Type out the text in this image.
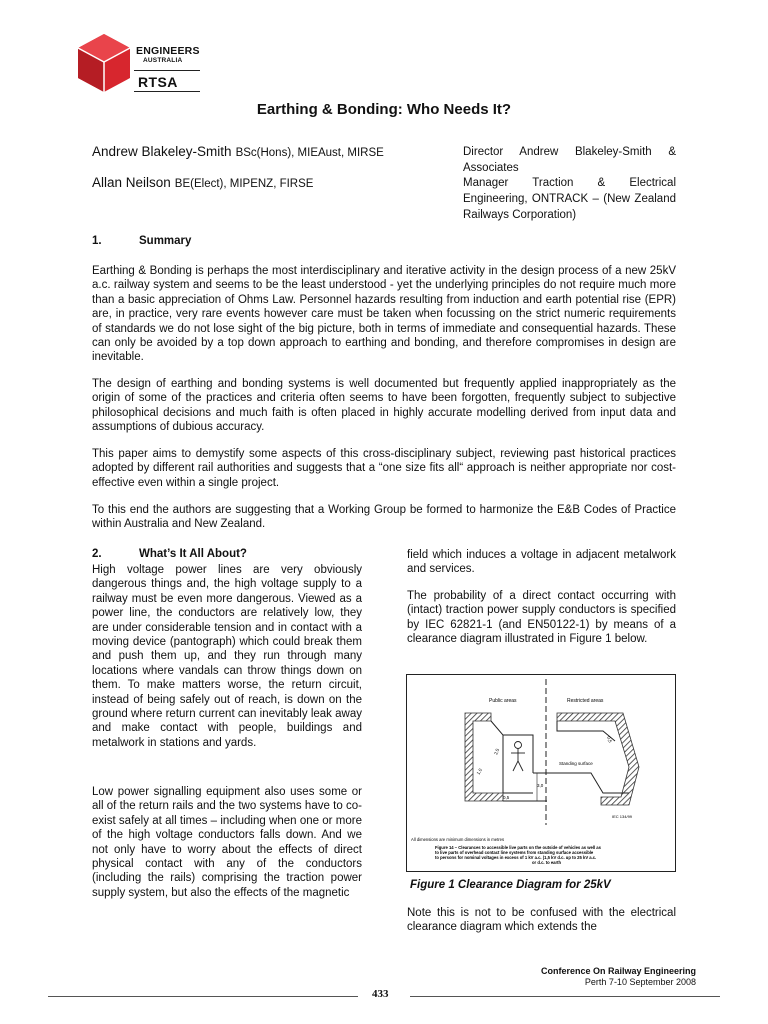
ENGINEERS
AUSTRALIA
RTSA
Earthing & Bonding: Who Needs It?
Andrew Blakeley-Smith BSc(Hons), MIEAust, MIRSE	Director Andrew Blakeley-Smith & Associates
Allan Neilson BE(Elect), MIPENZ, FIRSE	Manager Traction & Electrical Engineering, ONTRACK – (New Zealand Railways Corporation)
1.	Summary
Earthing & Bonding is perhaps the most interdisciplinary and iterative activity in the design process of a new 25kV a.c. railway system and seems to be the least understood - yet the underlying principles do not require much more than a basic appreciation of Ohms Law. Personnel hazards resulting from induction and earth potential rise (EPR) are, in practice, very rare events however care must be taken when focussing on the strict numeric requirements of standards we do not lose sight of the big picture, both in terms of immediate and consequential hazards. These can only be avoided by a top down approach to earthing and bonding, and therefore compromises in design are inevitable.
The design of earthing and bonding systems is well documented but frequently applied inappropriately as the origin of some of the practices and criteria often seems to have been forgotten, frequently subject to subjective philosophical decisions and much faith is often placed in highly accurate modelling derived from input data and assumptions of dubious accuracy.
This paper aims to demystify some aspects of this cross-disciplinary subject, reviewing past historical practices adopted by different rail authorities and suggests that a “one size fits all“ approach is neither appropriate nor cost-effective even within a single project.
To this end the authors are suggesting that a Working Group be formed to harmonize the E&B Codes of Practice within Australia and New Zealand.
2.	What’s It All About?
High voltage power lines are very obviously dangerous things and, the high voltage supply to a railway must be even more dangerous. Viewed as a power line, the conductors are relatively low, they are under considerable tension and in contact with a moving device (pantograph) which could break them and push them up, and they run through many locations where vandals can throw things down on them. To make matters worse, the return circuit, instead of being safely out of reach, is down on the ground where return current can inevitably leak away and make contact with people, buildings and metalwork in stations and yards.
Low power signalling equipment also uses some or all of the return rails and the two systems have to co-exist safely at all times – including when one or more of the high voltage conductors falls down. And we not only have to worry about the effects of direct physical contact with any of the conductors (including the rails) comprising the traction power supply system, but also the effects of the magnetic
field which induces a voltage in adjacent metalwork and services.
The probability of a direct contact occurring with (intact) traction power supply conductors is specified by IEC 62821-1 (and EN50122-1) by means of a clearance diagram illustrated in Figure 1 below.
Public areas	Restricted areas
2,5
1,0
0,5
3,0
0,5
Standing surface
IEC 134/99
All dimensions are minimum dimensions in metres
Figure 14 – Clearances to accessible live parts on the outside of vehicles as well as
to live parts of overhead contact line systems from standing surface accessible
to persons for nominal voltages in excess of 1 kV a.c. (1,5 kV d.c. up to 25 kV a.c.
or d.c. to earth
Figure 1 Clearance Diagram for 25kV
Note this is not to be confused with the electrical clearance diagram which extends the
Conference On Railway Engineering
Perth 7-10 September 2008
433
